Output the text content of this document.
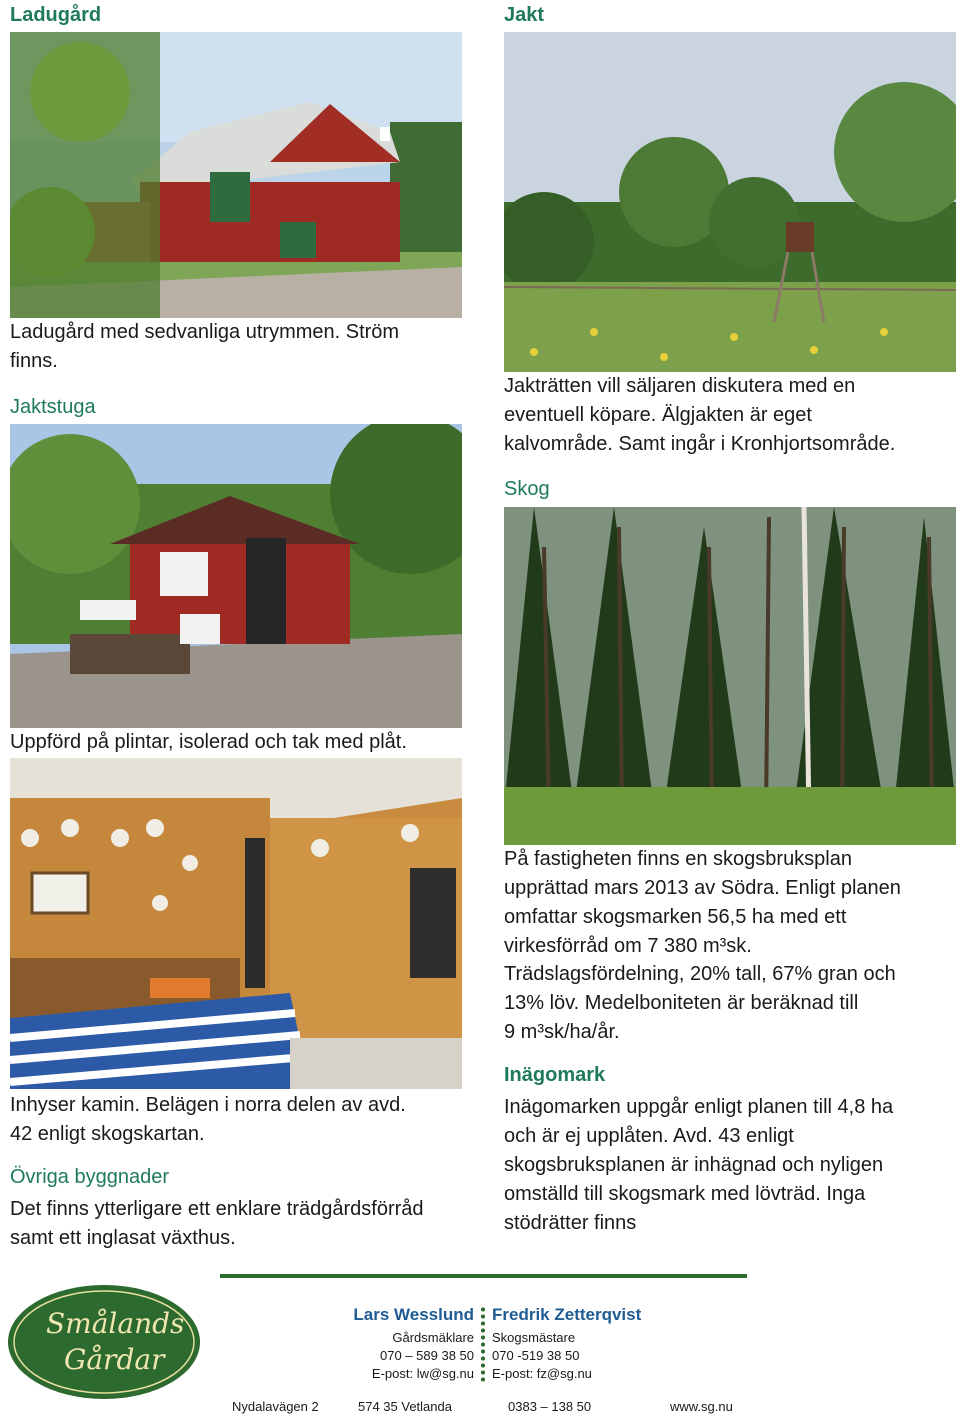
Ladugård
Ladugård med sedvanliga utrymmen. Ström
finns.
Jaktstuga
Uppförd på plintar, isolerad och tak med plåt.
Inhyser kamin. Belägen i norra delen av avd.
42 enligt skogskartan.
Övriga byggnader
Det finns ytterligare ett enklare trädgårdsförråd
samt ett inglasat växthus.
Jakt
Jakträtten vill säljaren diskutera med en
eventuell köpare. Älgjakten är eget
kalvområde. Samt ingår i Kronhjortsområde.
Skog
På fastigheten finns en skogsbruksplan
upprättad mars 2013 av Södra. Enligt planen
omfattar skogsmarken 56,5 ha med ett
virkesförråd om 7 380 m³sk.
Trädslagsfördelning, 20% tall, 67% gran och
13% löv. Medelboniteten är beräknad till
9 m³sk/ha/år.
Inägomark
Inägomarken uppgår enligt planen till 4,8 ha
och är ej upplåten. Avd. 43 enligt
skogsbruksplanen är inhägnad och nyligen
omställd till skogsmark med lövträd. Inga
stödrätter finns
Smålands
Gårdar
Lars Wesslund
Gårdsmäklare
070 – 589 38 50
E-post: lw@sg.nu
Fredrik Zetterqvist
Skogsmästare
070 -519 38 50
E-post: fz@sg.nu
Nydalavägen 2	574 35 Vetlanda	0383 – 138 50	www.sg.nu
